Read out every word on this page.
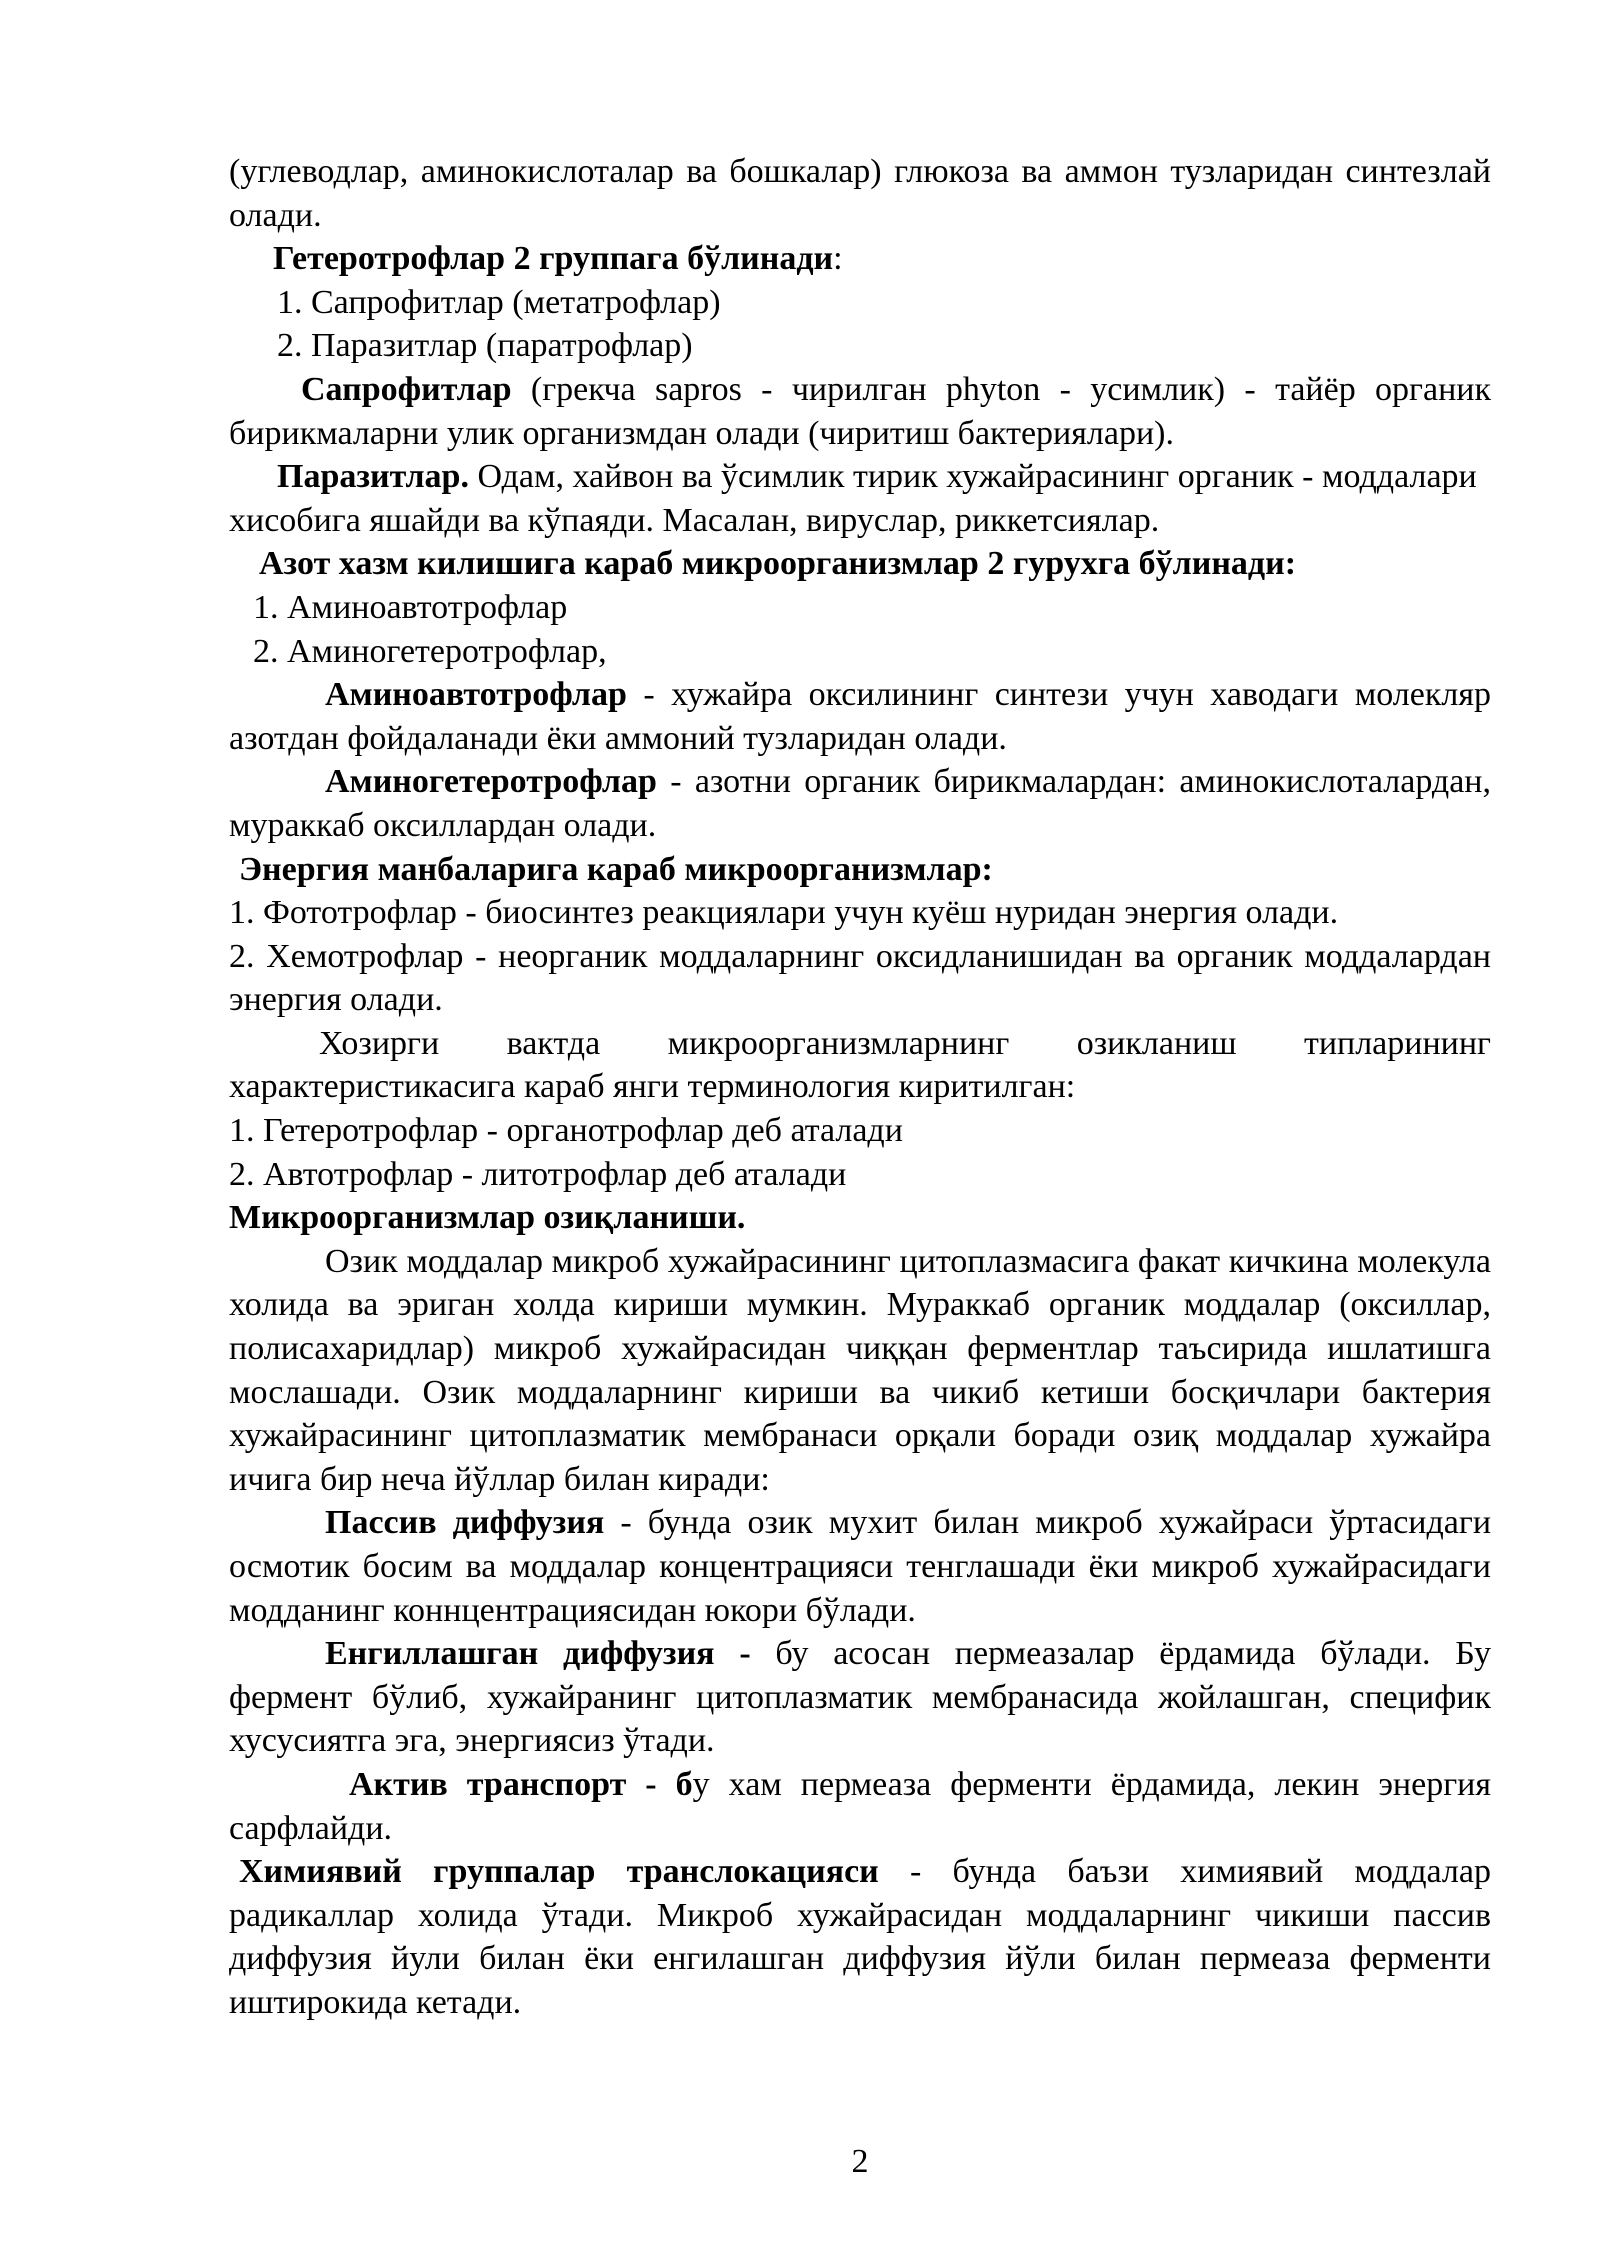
(углеводлар, аминокислоталар ва бошкалар) глюкоза ва аммон тузларидан синтезлай олади.

Гетеротрофлар 2 группага бўлинади:

1. Сапрофитлар (метатрофлар)

2. Паразитлар (паратрофлар)

Сапрофитлар (грекча sapros - чирилган phyton - усимлик) - тайёр органик бирикмаларни улик организмдан олади (чиритиш бактериялари).

Паразитлар. Одам, хайвон ва ўсимлик тирик хужайрасининг органик - моддалари

хисобига яшайди ва кўпаяди. Масалан, вируслар, риккетсиялар.

Азот хазм килишига караб микроорганизмлар 2 гурухга бўлинади:

1. Аминоавтотрофлар

2. Аминогетеротрофлар,

Аминоавтотрофлар - хужайра оксилининг синтези учун хаводаги молекляр азотдан фойдаланади ёки аммоний тузларидан олади.

Аминогетеротрофлар - азотни органик бирикмалардан: аминокислоталардан, мураккаб оксиллардан олади.

Энергия манбаларига караб микроорганизмлар:

1. Фототрофлар - биосинтез реакциялари учун куёш нуридан энергия олади.

2. Хемотрофлар - неорганик моддаларнинг оксидланишидан ва органик моддалардан энергия олади.

Хозирги вактда микроорганизмларнинг озикланиш типларининг характеристикасига караб янги терминология киритилган:

1. Гетеротрофлар - органотрофлар деб аталади

2. Автотрофлар - литотрофлар деб аталади

Микроорганизмлар озиқланиши.

Озик моддалар микроб хужайрасининг цитоплазмасига факат кичкина молекула холида ва эриган холда кириши мумкин. Мураккаб органик моддалар (оксиллар, полисахаридлар) микроб хужайрасидан чиққан ферментлар таъсирида ишлатишга мослашади. Озик моддаларнинг кириши ва чикиб кетиши босқичлари бактерия хужайрасининг цитоплазматик мембранаси орқали боради озиқ моддалар хужайра ичига бир неча йўллар билан киради:

Пассив диффузия - бунда озик мухит билан микроб хужайраси ўртасидаги осмотик босим ва моддалар концентрацияси тенглашади ёки микроб хужайрасидаги модданинг коннцентрациясидан юкори бўлади.

Енгиллашган диффузия - бу асосан пермеазалар ёрдамида бўлади. Бу фермент бўлиб, хужайранинг цитоплазматик мембранасида жойлашган, специфик хусусиятга эга, энергиясиз ўтади.

Актив транспорт - бу хам пермеаза ферменти ёрдамида, лекин энергия сарфлайди.

Химиявий группалар транслокацияси - бунда баъзи химиявий моддалар радикаллар холида ўтади. Микроб хужайрасидан моддаларнинг чикиши пассив диффузия йули билан ёки енгилашган диффузия йўли билан пермеаза ферменти иштирокида кетади.

2
